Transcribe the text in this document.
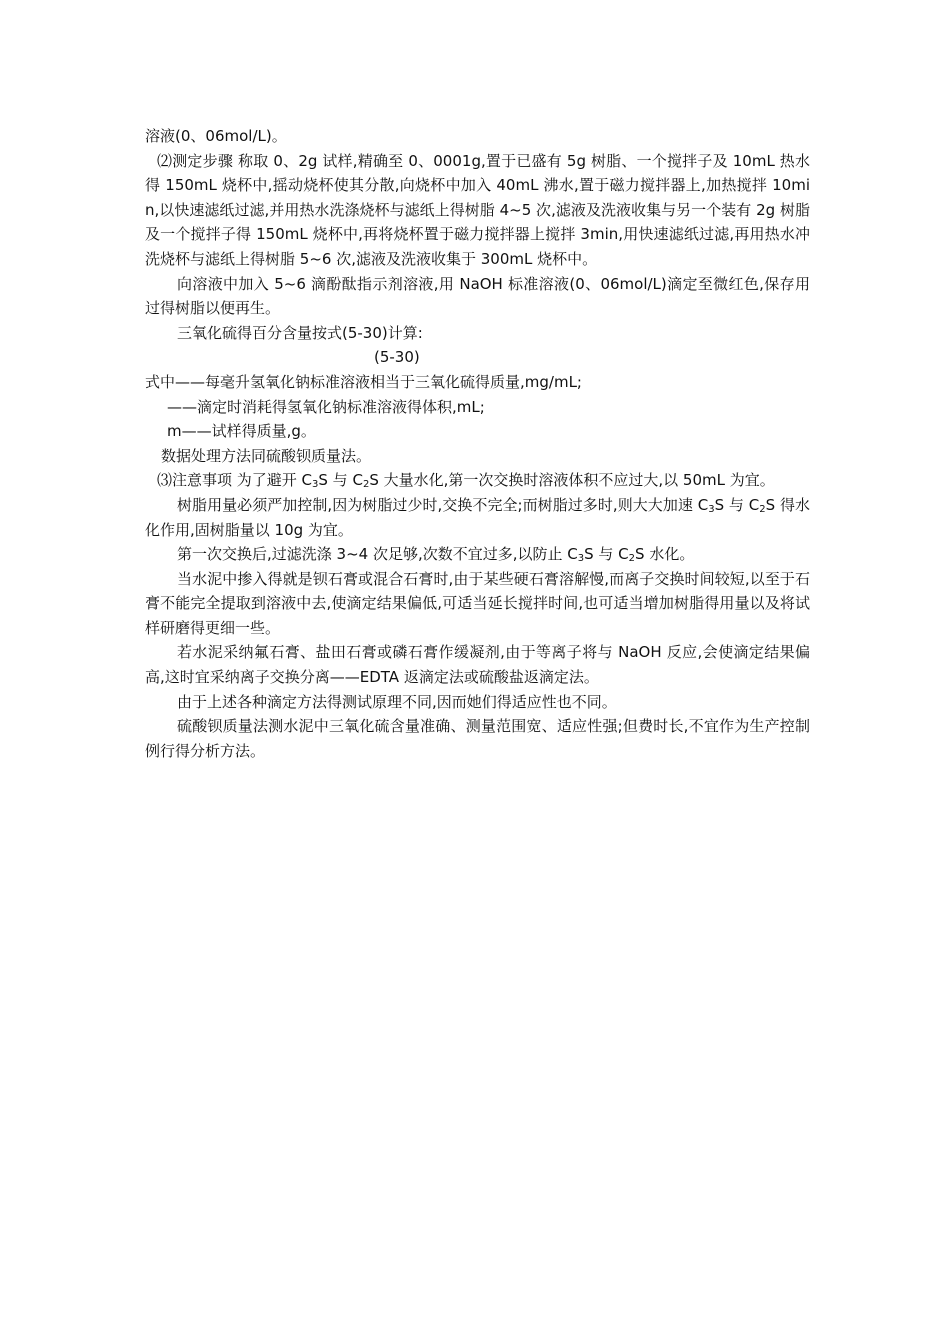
溶液(0、06mol/L)。

⑵测定步骤 称取 0、2g 试样,精确至 0、0001g,置于已盛有 5g 树脂、一个搅拌子及 10mL 热水得 150mL 烧杯中,摇动烧杯使其分散,向烧杯中加入 40mL 沸水,置于磁力搅拌器上,加热搅拌 10min,以快速滤纸过滤,并用热水洗涤烧杯与滤纸上得树脂 4~5 次,滤液及洗液收集与另一个装有 2g 树脂及一个搅拌子得 150mL 烧杯中,再将烧杯置于磁力搅拌器上搅拌 3min,用快速滤纸过滤,再用热水冲洗烧杯与滤纸上得树脂 5~6 次,滤液及洗液收集于 300mL 烧杯中。

向溶液中加入 5~6 滴酚酞指示剂溶液,用 NaOH 标准溶液(0、06mol/L)滴定至微红色,保存用过得树脂以便再生。

三氧化硫得百分含量按式(5-30)计算:

(5-30)

式中——每毫升氢氧化钠标准溶液相当于三氧化硫得质量,mg/mL;

——滴定时消耗得氢氧化钠标准溶液得体积,mL;

m——试样得质量,g。

数据处理方法同硫酸钡质量法。

⑶注意事项 为了避开 $C_3S$ 与 $C_2S$ 大量水化,第一次交换时溶液体积不应过大,以 50mL 为宜。

树脂用量必须严加控制,因为树脂过少时,交换不完全;而树脂过多时,则大大加速 $C_3S$ 与 $C_2S$ 得水化作用,固树脂量以 10g 为宜。

第一次交换后,过滤洗涤 3~4 次足够,次数不宜过多,以防止 $C_3S$ 与 $C_2S$ 水化。

当水泥中掺入得就是钡石膏或混合石膏时,由于某些硬石膏溶解慢,而离子交换时间较短,以至于石膏不能完全提取到溶液中去,使滴定结果偏低,可适当延长搅拌时间,也可适当增加树脂得用量以及将试样研磨得更细一些。

若水泥采纳氟石膏、盐田石膏或磷石膏作缓凝剂,由于等离子将与 NaOH 反应,会使滴定结果偏高,这时宜采纳离子交换分离——EDTA 返滴定法或硫酸盐返滴定法。

由于上述各种滴定方法得测试原理不同,因而她们得适应性也不同。

硫酸钡质量法测水泥中三氧化硫含量准确、测量范围宽、适应性强;但费时长,不宜作为生产控制例行得分析方法。
